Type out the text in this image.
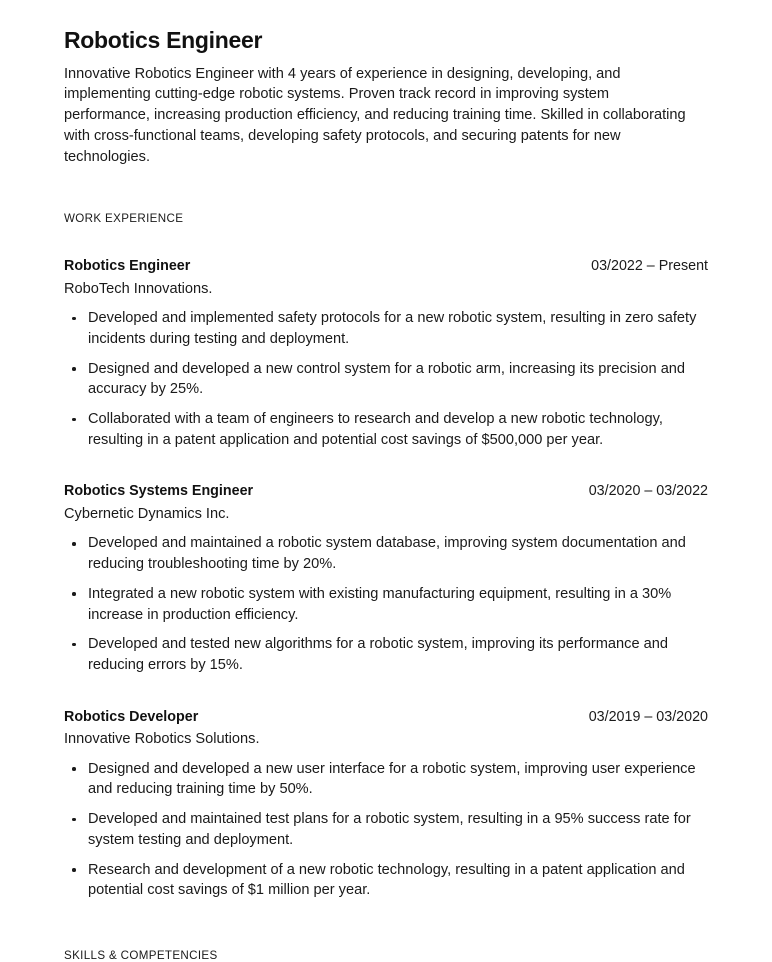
Robotics Engineer

Innovative Robotics Engineer with 4 years of experience in designing, developing, and implementing cutting-edge robotic systems. Proven track record in improving system performance, increasing production efficiency, and reducing training time. Skilled in collaborating with cross-functional teams, developing safety protocols, and securing patents for new technologies.

WORK EXPERIENCE
Robotics Engineer	03/2022 – Present
RoboTech Innovations.
Developed and implemented safety protocols for a new robotic system, resulting in zero safety incidents during testing and deployment.
Designed and developed a new control system for a robotic arm, increasing its precision and accuracy by 25%.
Collaborated with a team of engineers to research and develop a new robotic technology, resulting in a patent application and potential cost savings of $500,000 per year.
Robotics Systems Engineer	03/2020 – 03/2022
Cybernetic Dynamics Inc.
Developed and maintained a robotic system database, improving system documentation and reducing troubleshooting time by 20%.
Integrated a new robotic system with existing manufacturing equipment, resulting in a 30% increase in production efficiency.
Developed and tested new algorithms for a robotic system, improving its performance and reducing errors by 15%.
Robotics Developer	03/2019 – 03/2020
Innovative Robotics Solutions.
Designed and developed a new user interface for a robotic system, improving user experience and reducing training time by 50%.
Developed and maintained test plans for a robotic system, resulting in a 95% success rate for system testing and deployment.
Research and development of a new robotic technology, resulting in a patent application and potential cost savings of $1 million per year.
SKILLS & COMPETENCIES
